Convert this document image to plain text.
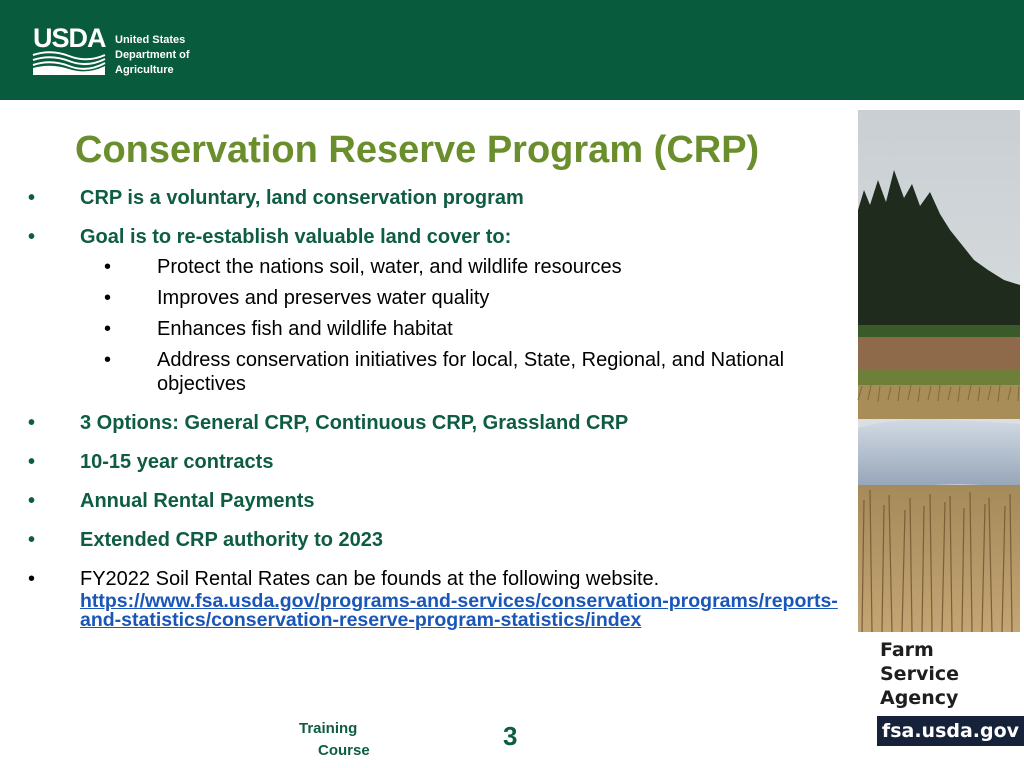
USDA United States
Department of
Agriculture
Conservation Reserve Program (CRP)
• CRP is a voluntary, land conservation program
• Goal is to re-establish valuable land cover to:
• Protect the nations soil, water, and wildlife resources
• Improves and preserves water quality
• Enhances fish and wildlife habitat
• Address conservation initiatives for local, State, Regional, and National objectives
• 3 Options: General CRP, Continuous CRP, Grassland CRP
• 10-15 year contracts
• Annual Rental Payments
• Extended CRP authority to 2023
• FY2022 Soil Rental Rates can be founds at the following website.
https://www.fsa.usda.gov/programs-and-services/conservation-programs/reports-and-statistics/conservation-reserve-program-statistics/index
Farm
Service
Agency
fsa.usda.gov
Training
Course	3
